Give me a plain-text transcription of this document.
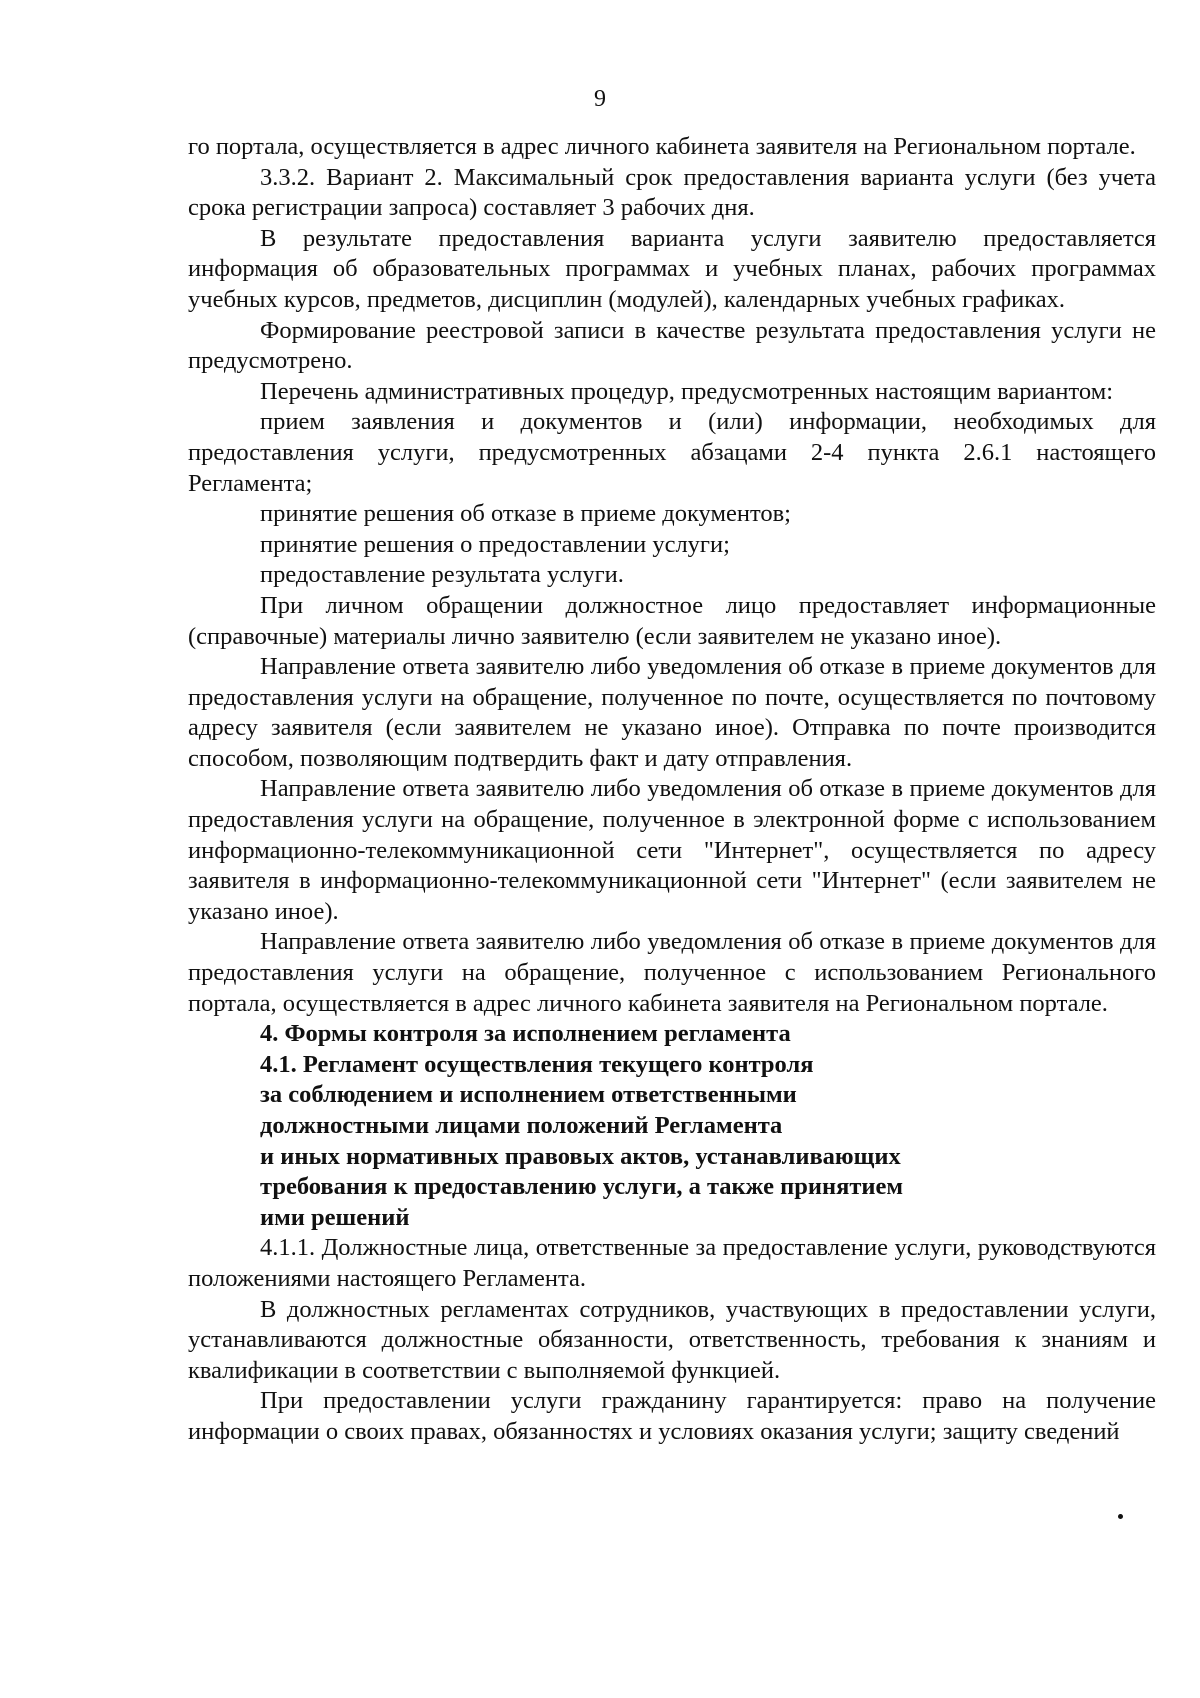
9

го портала, осуществляется в адрес личного кабинета заявителя на Региональном портале.

3.3.2. Вариант 2. Максимальный срок предоставления варианта услуги (без учета срока регистрации запроса) составляет 3 рабочих дня.

В результате предоставления варианта услуги заявителю предоставляется информация об образовательных программах и учебных планах, рабочих программах учебных курсов, предметов, дисциплин (модулей), календарных учебных графиках.

Формирование реестровой записи в качестве результата предоставления услуги не предусмотрено.

Перечень административных процедур, предусмотренных настоящим вариантом:

прием заявления и документов и (или) информации, необходимых для предоставления услуги, предусмотренных абзацами 2-4 пункта 2.6.1 настоящего Регламента;

принятие решения об отказе в приеме документов;

принятие решения о предоставлении услуги;

предоставление результата услуги.

При личном обращении должностное лицо предоставляет информационные (справочные) материалы лично заявителю (если заявителем не указано иное).

Направление ответа заявителю либо уведомления об отказе в приеме документов для предоставления услуги на обращение, полученное по почте, осуществляется по почтовому адресу заявителя (если заявителем не указано иное). Отправка по почте производится способом, позволяющим подтвердить факт и дату отправления.

Направление ответа заявителю либо уведомления об отказе в приеме документов для предоставления услуги на обращение, полученное в электронной форме с использованием информационно-телекоммуникационной сети "Интернет", осуществляется по адресу заявителя в информационно-телекоммуникационной сети "Интернет" (если заявителем не указано иное).

Направление ответа заявителю либо уведомления об отказе в приеме документов для предоставления услуги на обращение, полученное с использованием Регионального портала, осуществляется в адрес личного кабинета заявителя на Региональном портале.

4. Формы контроля за исполнением регламента

4.1. Регламент осуществления текущего контроля
за соблюдением и исполнением ответственными
должностными лицами положений Регламента
и иных нормативных правовых актов, устанавливающих
требования к предоставлению услуги, а также принятием
ими решений

4.1.1. Должностные лица, ответственные за предоставление услуги, руководствуются положениями настоящего Регламента.

В должностных регламентах сотрудников, участвующих в предоставлении услуги, устанавливаются должностные обязанности, ответственность, требования к знаниям и квалификации в соответствии с выполняемой функцией.

При предоставлении услуги гражданину гарантируется: право на получение информации о своих правах, обязанностях и условиях оказания услуги; защиту сведений
